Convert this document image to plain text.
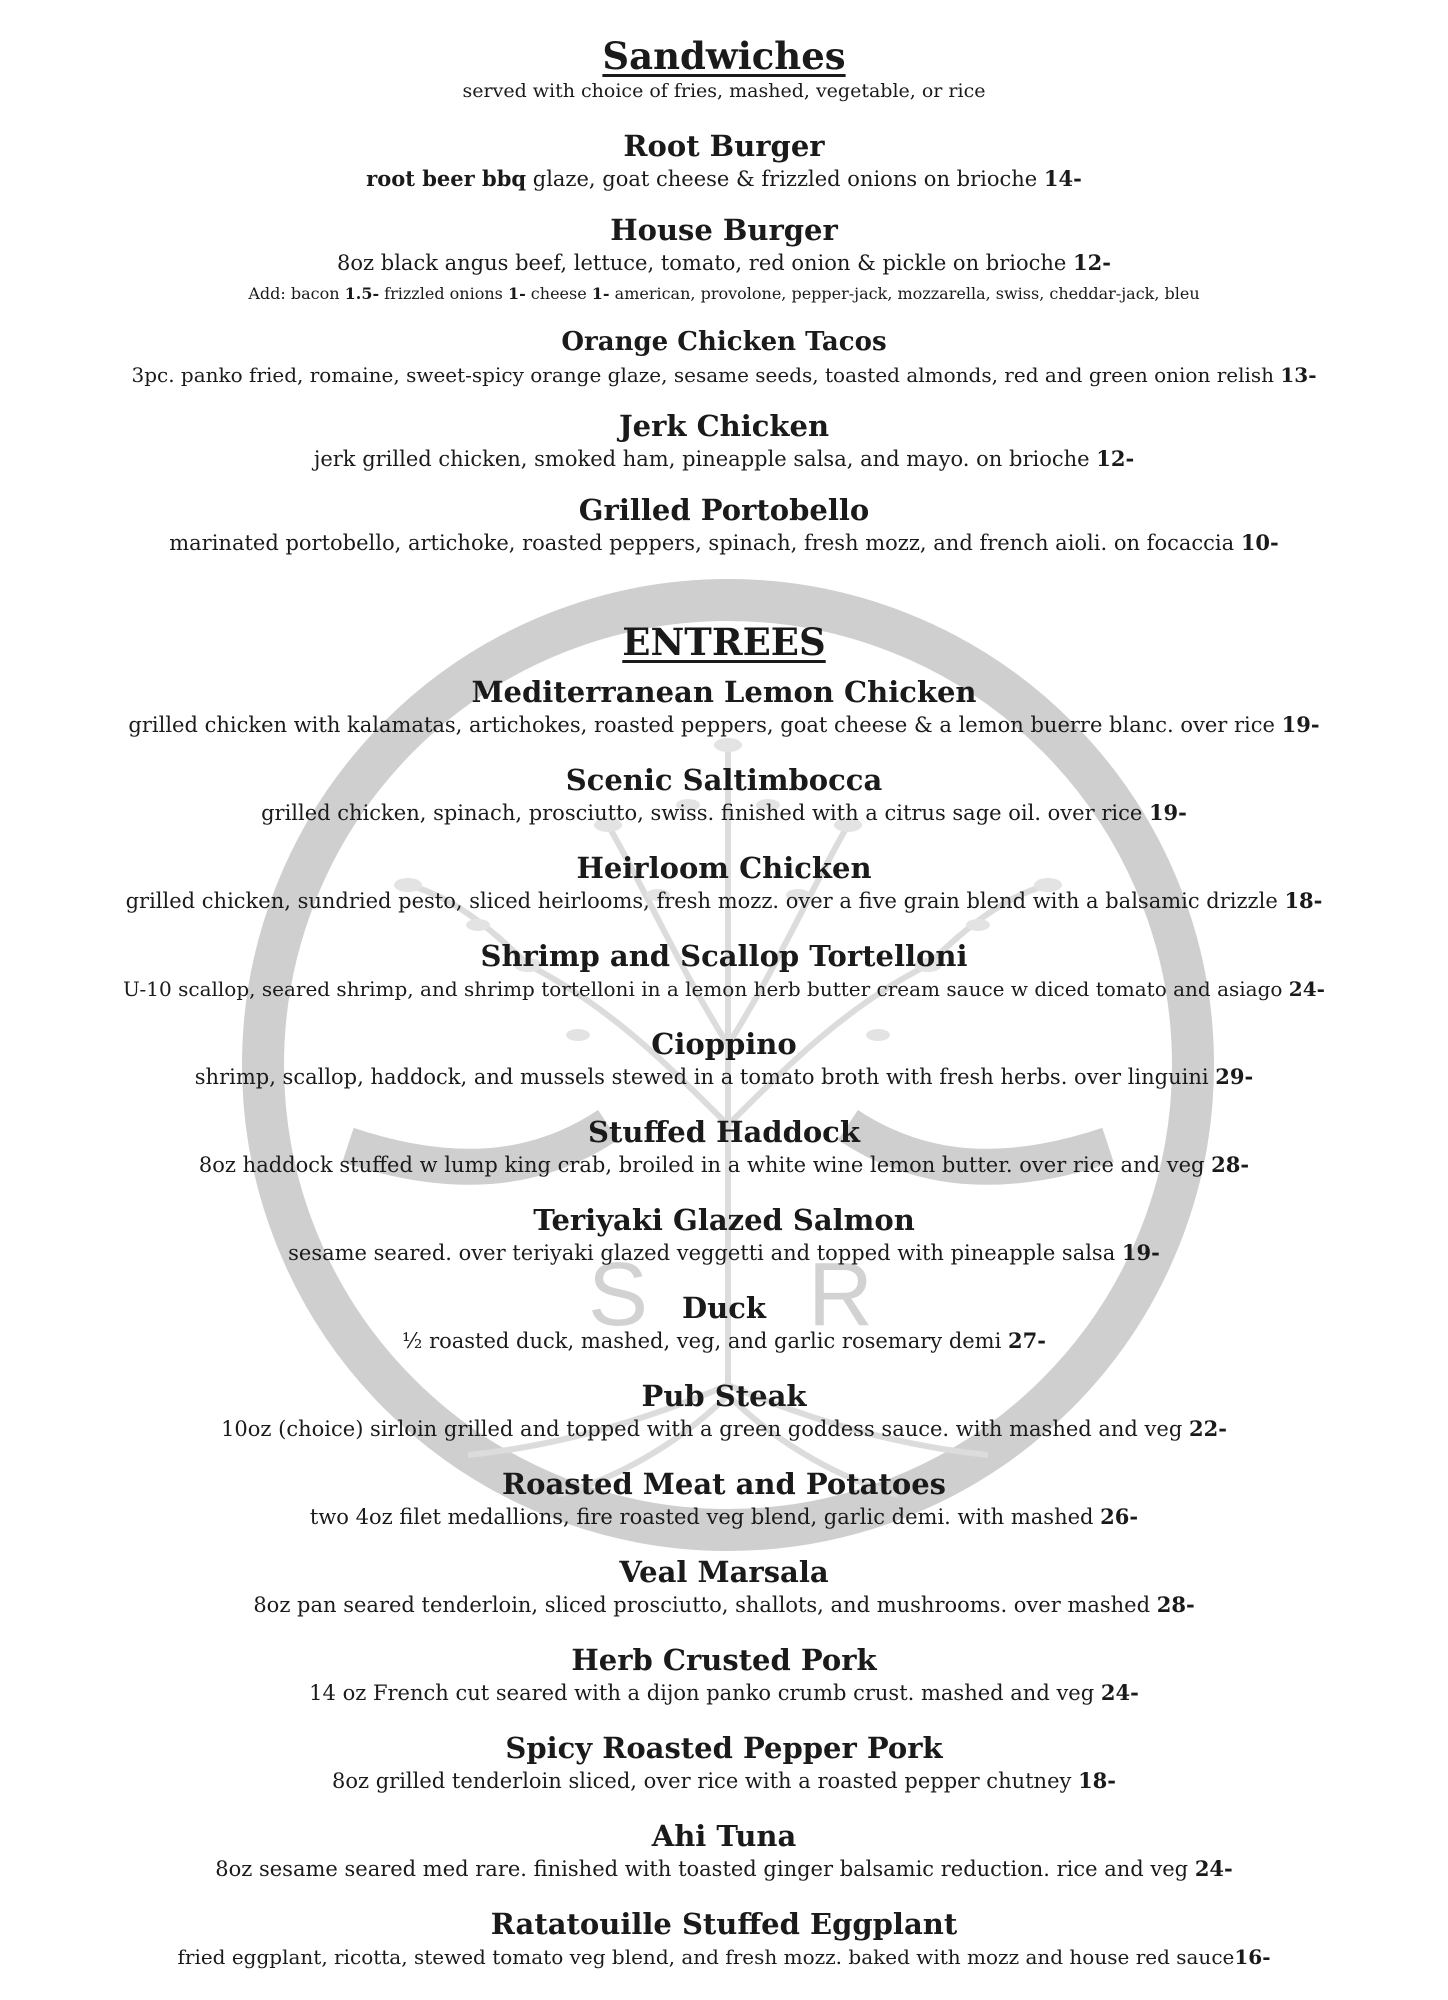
S R
Sandwiches

served with choice of fries, mashed, vegetable, or rice

Root Burger

root beer bbq glaze, goat cheese & frizzled onions on brioche 14-

House Burger

8oz black angus beef, lettuce, tomato, red onion & pickle on brioche 12-

Add: bacon 1.5- frizzled onions 1- cheese 1- american, provolone, pepper-jack, mozzarella, swiss, cheddar-jack, bleu

Orange Chicken Tacos

3pc. panko fried, romaine, sweet-spicy orange glaze, sesame seeds, toasted almonds, red and green onion relish 13-

Jerk Chicken

jerk grilled chicken, smoked ham, pineapple salsa, and mayo. on brioche 12-

Grilled Portobello

marinated portobello, artichoke, roasted peppers, spinach, fresh mozz, and french aioli. on focaccia 10-

ENTREES

Mediterranean Lemon Chicken

grilled chicken with kalamatas, artichokes, roasted peppers, goat cheese & a lemon buerre blanc. over rice 19-

Scenic Saltimbocca

grilled chicken, spinach, prosciutto, swiss. finished with a citrus sage oil. over rice 19-

Heirloom Chicken

grilled chicken, sundried pesto, sliced heirlooms, fresh mozz. over a five grain blend with a balsamic drizzle 18-

Shrimp and Scallop Tortelloni

U-10 scallop, seared shrimp, and shrimp tortelloni in a lemon herb butter cream sauce w diced tomato and asiago 24-

Cioppino

shrimp, scallop, haddock, and mussels stewed in a tomato broth with fresh herbs. over linguini 29-

Stuffed Haddock

8oz haddock stuffed w lump king crab, broiled in a white wine lemon butter. over rice and veg 28-

Teriyaki Glazed Salmon

sesame seared. over teriyaki glazed veggetti and topped with pineapple salsa 19-

Duck

½ roasted duck, mashed, veg, and garlic rosemary demi 27-

Pub Steak

10oz (choice) sirloin grilled and topped with a green goddess sauce. with mashed and veg 22-

Roasted Meat and Potatoes

two 4oz filet medallions, fire roasted veg blend, garlic demi. with mashed 26-

Veal Marsala

8oz pan seared tenderloin, sliced prosciutto, shallots, and mushrooms. over mashed 28-

Herb Crusted Pork

14 oz French cut seared with a dijon panko crumb crust. mashed and veg 24-

Spicy Roasted Pepper Pork

8oz grilled tenderloin sliced, over rice with a roasted pepper chutney 18-

Ahi Tuna

8oz sesame seared med rare. finished with toasted ginger balsamic reduction. rice and veg 24-

Ratatouille Stuffed Eggplant

fried eggplant, ricotta, stewed tomato veg blend, and fresh mozz. baked with mozz and house red sauce16-
